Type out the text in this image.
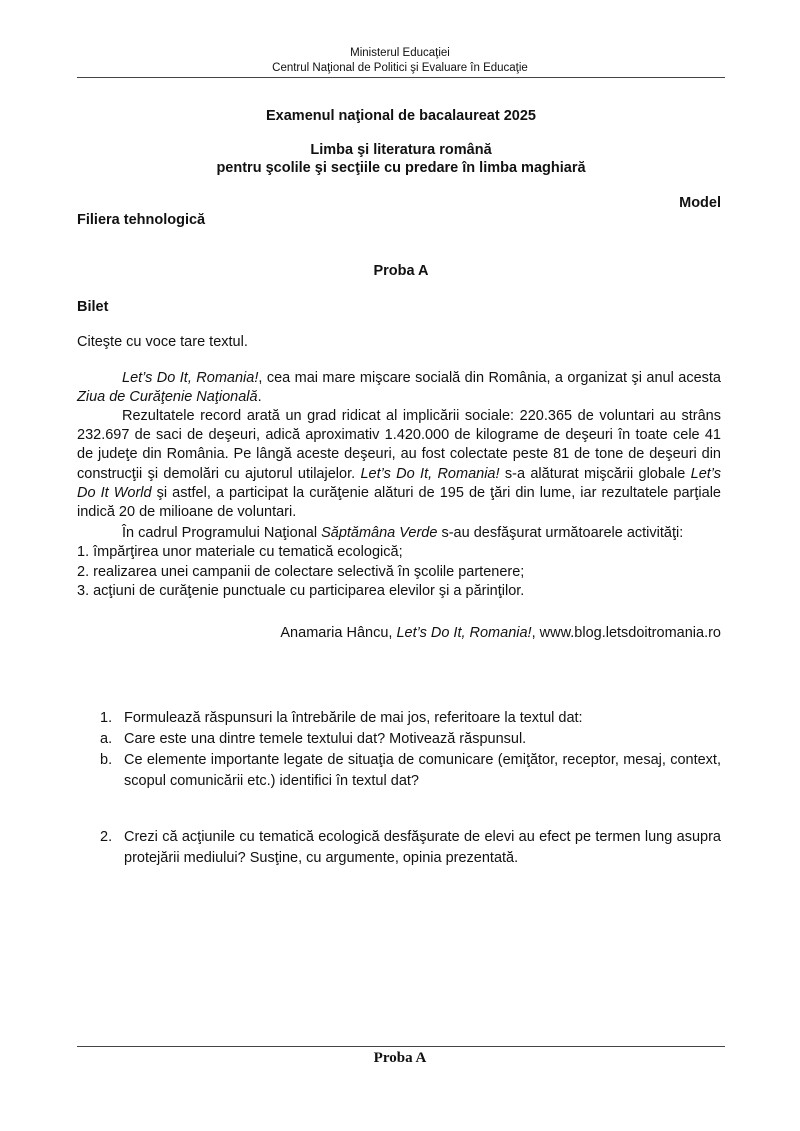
Ministerul Educaţiei
Centrul Naţional de Politici şi Evaluare în Educaţie
Examenul naţional de bacalaureat 2025
Limba şi literatura română
pentru şcolile şi secţiile cu predare în limba maghiară
Model
Filiera tehnologică
Proba A
Bilet
Citeşte cu voce tare textul.
Let’s Do It, Romania!, cea mai mare mişcare socială din România, a organizat şi anul acesta Ziua de Curăţenie Naţională.
Rezultatele record arată un grad ridicat al implicării sociale: 220.365 de voluntari au strâns 232.697 de saci de deşeuri, adică aproximativ 1.420.000 de kilograme de deşeuri în toate cele 41 de judeţe din România. Pe lângă aceste deşeuri, au fost colectate peste 81 de tone de deşeuri din construcţii şi demolări cu ajutorul utilajelor. Let’s Do It, Romania! s-a alăturat mişcării globale Let’s Do It World şi astfel, a participat la curăţenie alături de 195 de ţări din lume, iar rezultatele parţiale indică 20 de milioane de voluntari.
În cadrul Programului Naţional Săptămâna Verde s-au desfăşurat următoarele activităţi:
1. împărţirea unor materiale cu tematică ecologică;
2. realizarea unei campanii de colectare selectivă în şcolile partenere;
3. acţiuni de curăţenie punctuale cu participarea elevilor şi a părinţilor.
Anamaria Hâncu, Let’s Do It, Romania!, www.blog.letsdoitromania.ro
1. Formulează răspunsuri la întrebările de mai jos, referitoare la textul dat:
a. Care este una dintre temele textului dat? Motivează răspunsul.
b. Ce elemente importante legate de situaţia de comunicare (emiţător, receptor, mesaj, context, scopul comunicării etc.) identifici în textul dat?
2. Crezi că acţiunile cu tematică ecologică desfăşurate de elevi au efect pe termen lung asupra protejării mediului? Susţine, cu argumente, opinia prezentată.
Proba A
